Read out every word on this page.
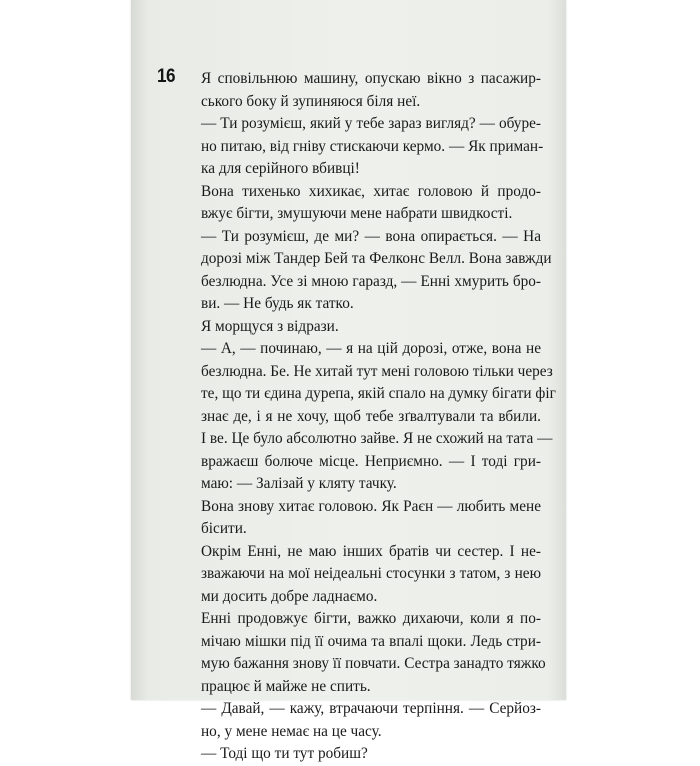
16 Я сповільнюю машину, опускаю вікно з пасажир-
ського боку й зупиняюся біля неї.
— Ти розумієш, який у тебе зараз вигляд? — обуре-
но питаю, від гніву стискаючи кермо. — Як приман-
ка для серійного вбивці!
Вона тихенько хихикає, хитає головою й продо-
вжує бігти, змушуючи мене набрати швидкості.
— Ти розумієш, де ми? — вона опирається. — На
дорозі між Тандер Бей та Фелконс Велл. Вона завжди
безлюдна. Усе зі мною гаразд, — Енні хмурить бро-
ви. — Не будь як татко.
Я морщуся з відрази.
— А, — починаю, — я на цій дорозі, отже, вона не
безлюдна. Бе. Не хитай тут мені головою тільки через
те, що ти єдина дурепа, якій спало на думку бігати фіг
знає де, і я не хочу, щоб тебе зґвалтували та вбили.
І ве. Це було абсолютно зайве. Я не схожий на тата —
вражаєш болюче місце. Неприємно. — І тоді гри-
маю: — Залізай у кляту тачку.
Вона знову хитає головою. Як Раєн — любить мене
бісити.
Окрім Енні, не маю інших братів чи сестер. І не-
зважаючи на мої неідеальні стосунки з татом, з нею
ми досить добре ладнаємо.
Енні продовжує бігти, важко дихаючи, коли я по-
мічаю мішки під її очима та впалі щоки. Ледь стри-
мую бажання знову її повчати. Сестра занадто тяжко
працює й майже не спить.
— Давай, — кажу, втрачаючи терпіння. — Серйоз-
но, у мене немає на це часу.
— Тоді що ти тут робиш?
